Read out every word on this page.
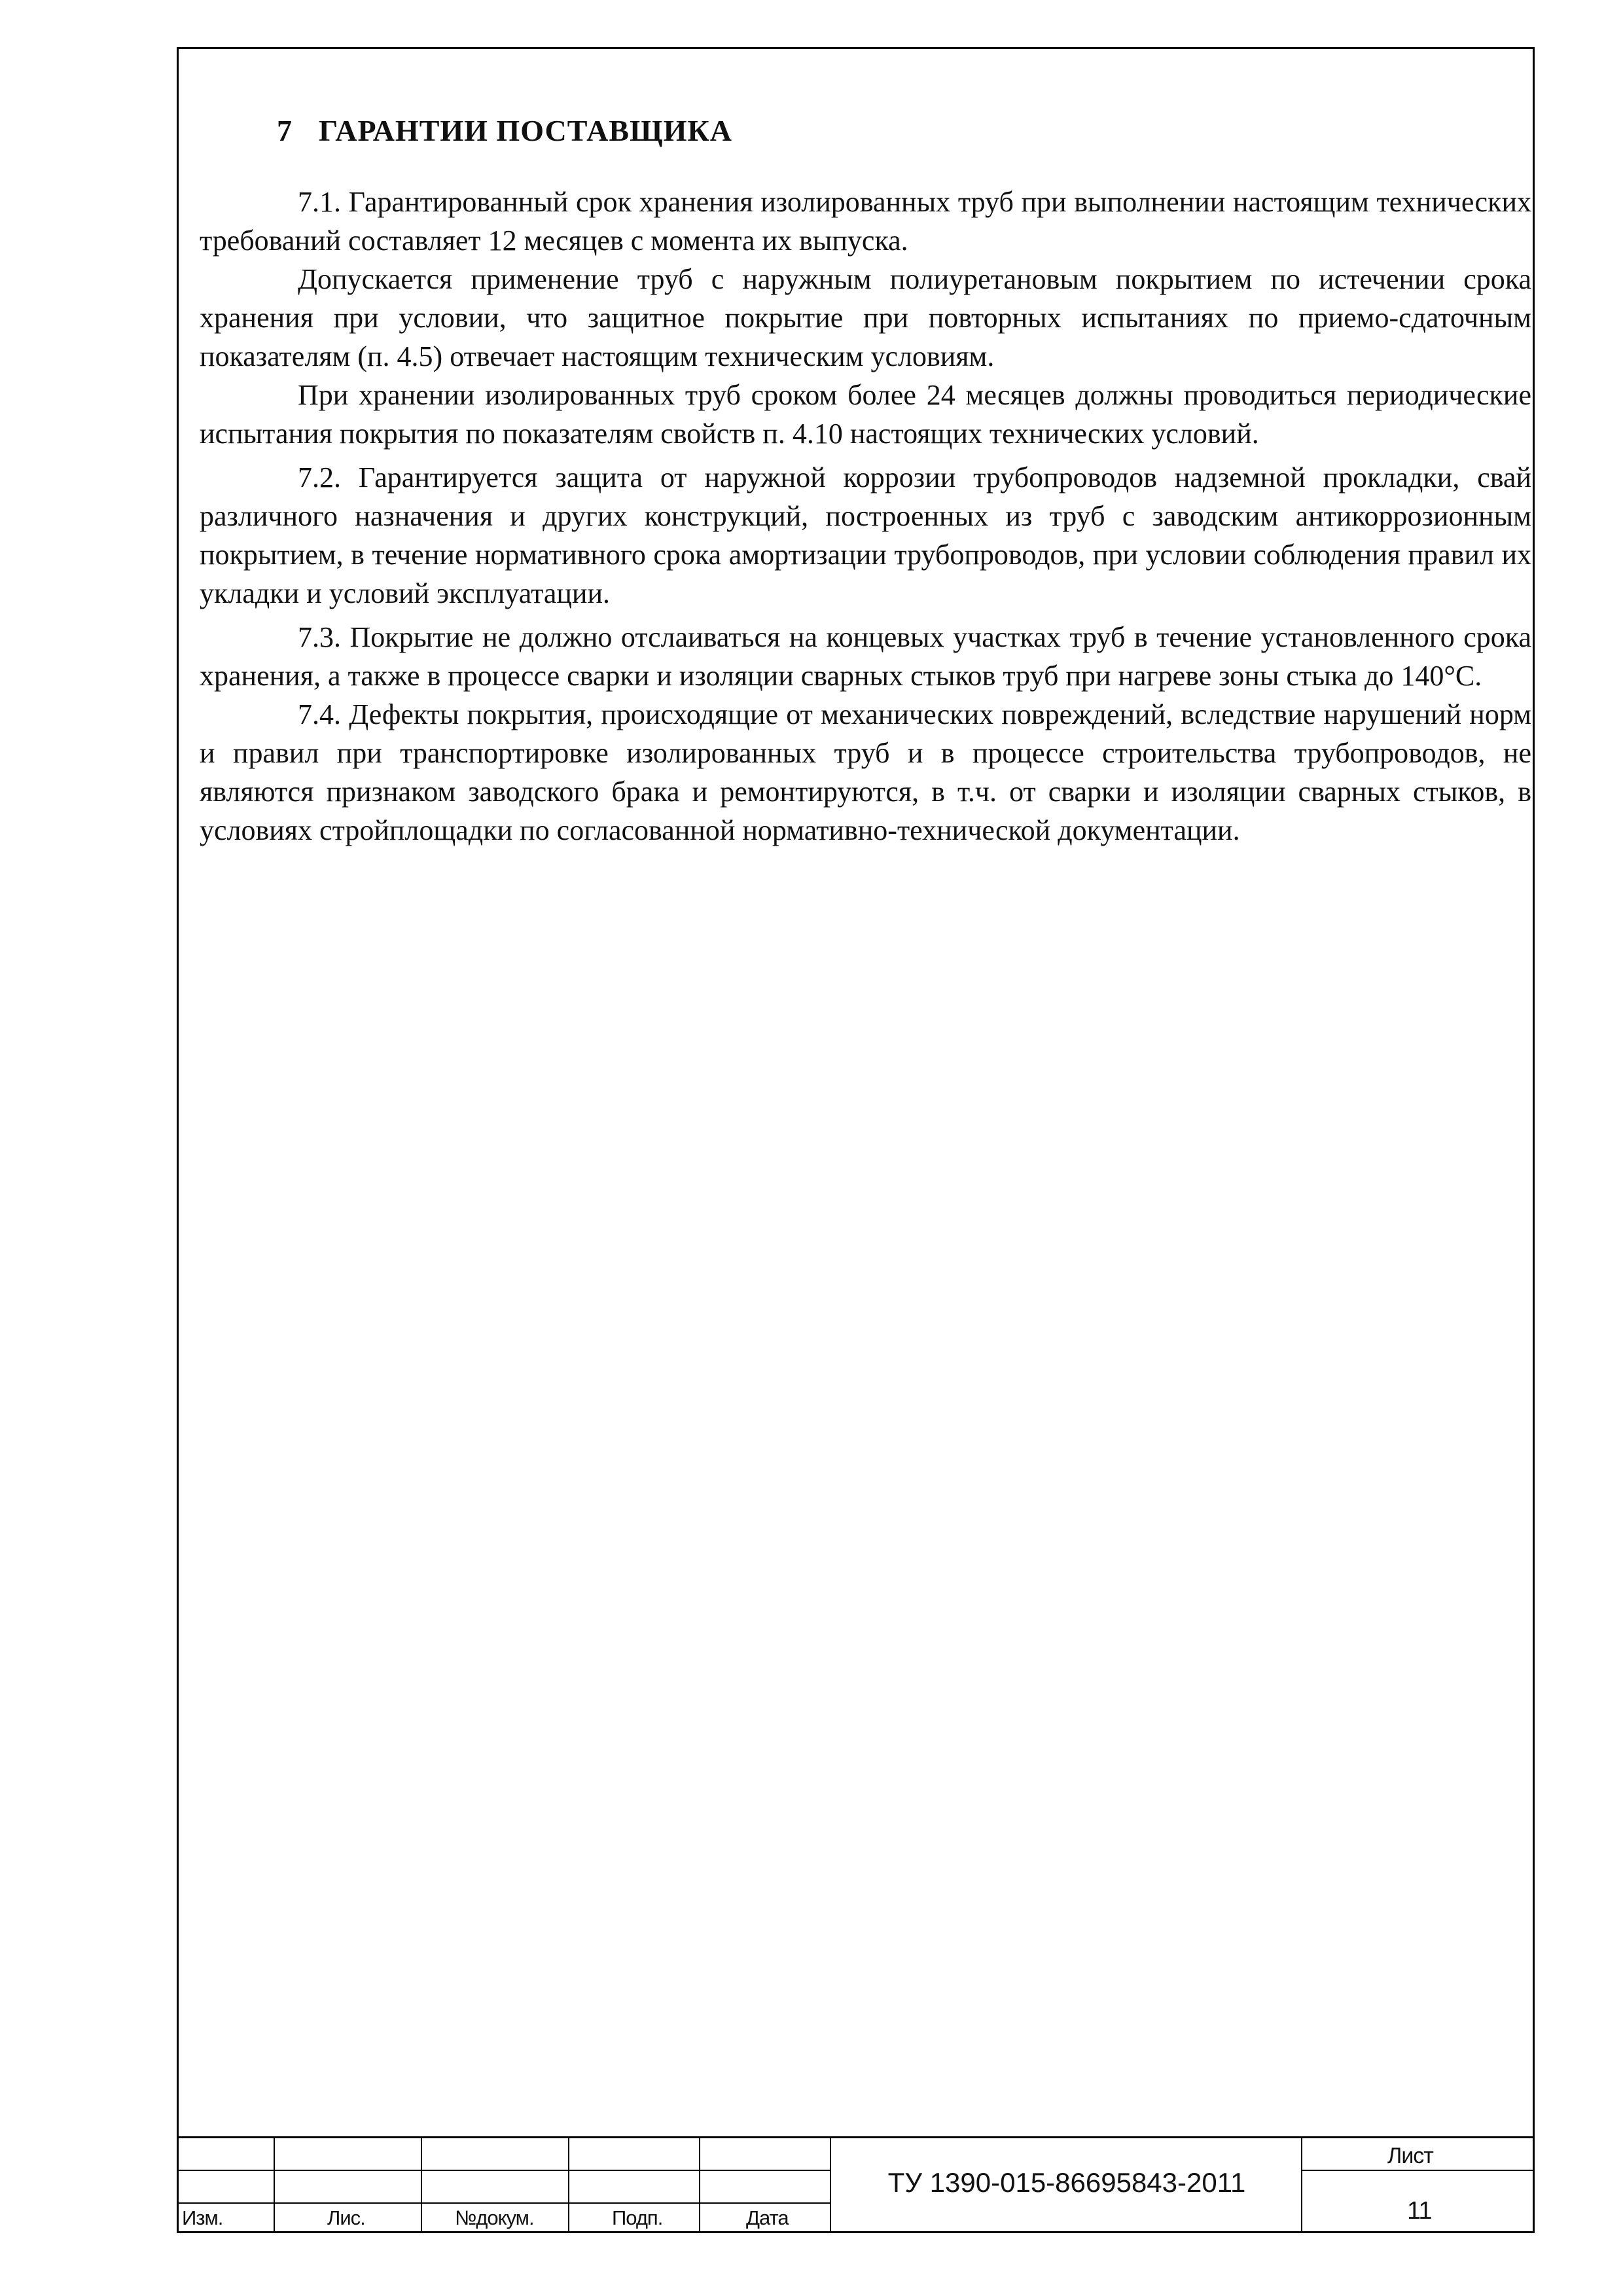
7 ГАРАНТИИ ПОСТАВЩИКА

7.1. Гарантированный срок хранения изолированных труб при выполнении настоящим технических требований составляет 12 месяцев с момента их выпуска.

Допускается применение труб с наружным полиуретановым покрытием по истечении срока хранения при условии, что защитное покрытие при повторных испытаниях по приемо-сдаточным показателям (п. 4.5) отвечает настоящим техническим условиям.

При хранении изолированных труб сроком более 24 месяцев должны проводиться периодические испытания покрытия по показателям свойств п. 4.10 настоящих технических условий.

7.2. Гарантируется защита от наружной коррозии трубопроводов надземной прокладки, свай различного назначения и других конструкций, построенных из труб с заводским антикоррозионным покрытием, в течение нормативного срока амортизации трубопроводов, при условии соблюдения правил их укладки и условий эксплуатации.

7.3. Покрытие не должно отслаиваться на концевых участках труб в течение установленного срока хранения, а также в процессе сварки и изоляции сварных стыков труб при нагреве зоны стыка до 140°С.

7.4. Дефекты покрытия, происходящие от механических повреждений, вследствие нарушений норм и правил при транспортировке изолированных труб и в процессе строительства трубопроводов, не являются признаком заводского брака и ремонтируются, в т.ч. от сварки и изоляции сварных стыков, в условиях стройплощадки по согласованной нормативно-технической документации.

Изм.	Лис.	№докум.	Подп.	Дата
ТУ 1390-015-86695843-2011
Лист
11
